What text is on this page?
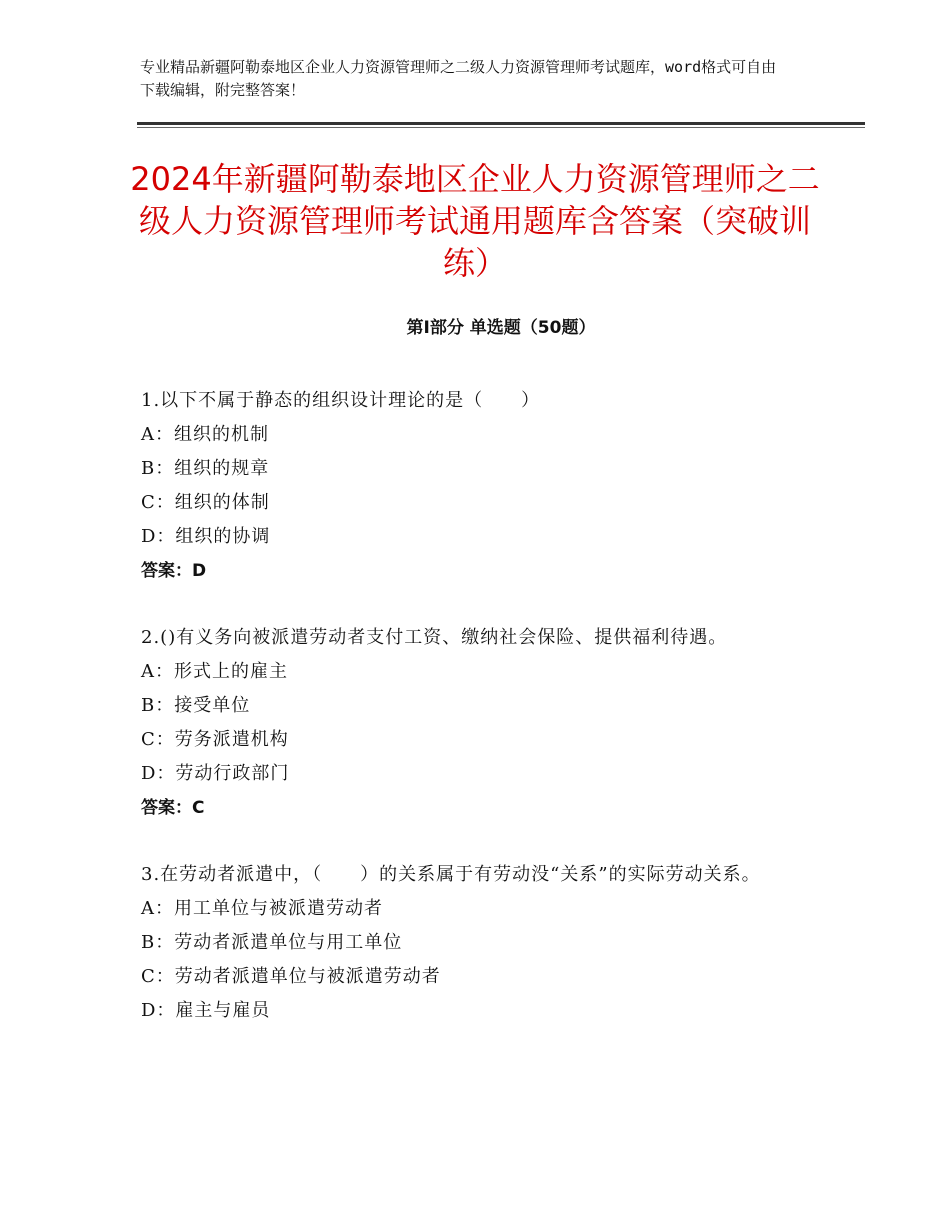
专业精品新疆阿勒泰地区企业人力资源管理师之二级人力资源管理师考试题库，word格式可自由下载编辑，附完整答案！
2024年新疆阿勒泰地区企业人力资源管理师之二级人力资源管理师考试通用题库含答案（突破训练）
第Ⅰ部分 单选题（50题）

1.以下不属于静态的组织设计理论的是（　　）

A：组织的机制

B：组织的规章

C：组织的体制

D：组织的协调

答案：D

2.()有义务向被派遣劳动者支付工资、缴纳社会保险、提供福利待遇。

A：形式上的雇主

B：接受单位

C：劳务派遣机构

D：劳动行政部门

答案：C

3.在劳动者派遣中，（　　）的关系属于有劳动没“关系”的实际劳动关系。

A：用工单位与被派遣劳动者

B：劳动者派遣单位与用工单位

C：劳动者派遣单位与被派遣劳动者

D：雇主与雇员
